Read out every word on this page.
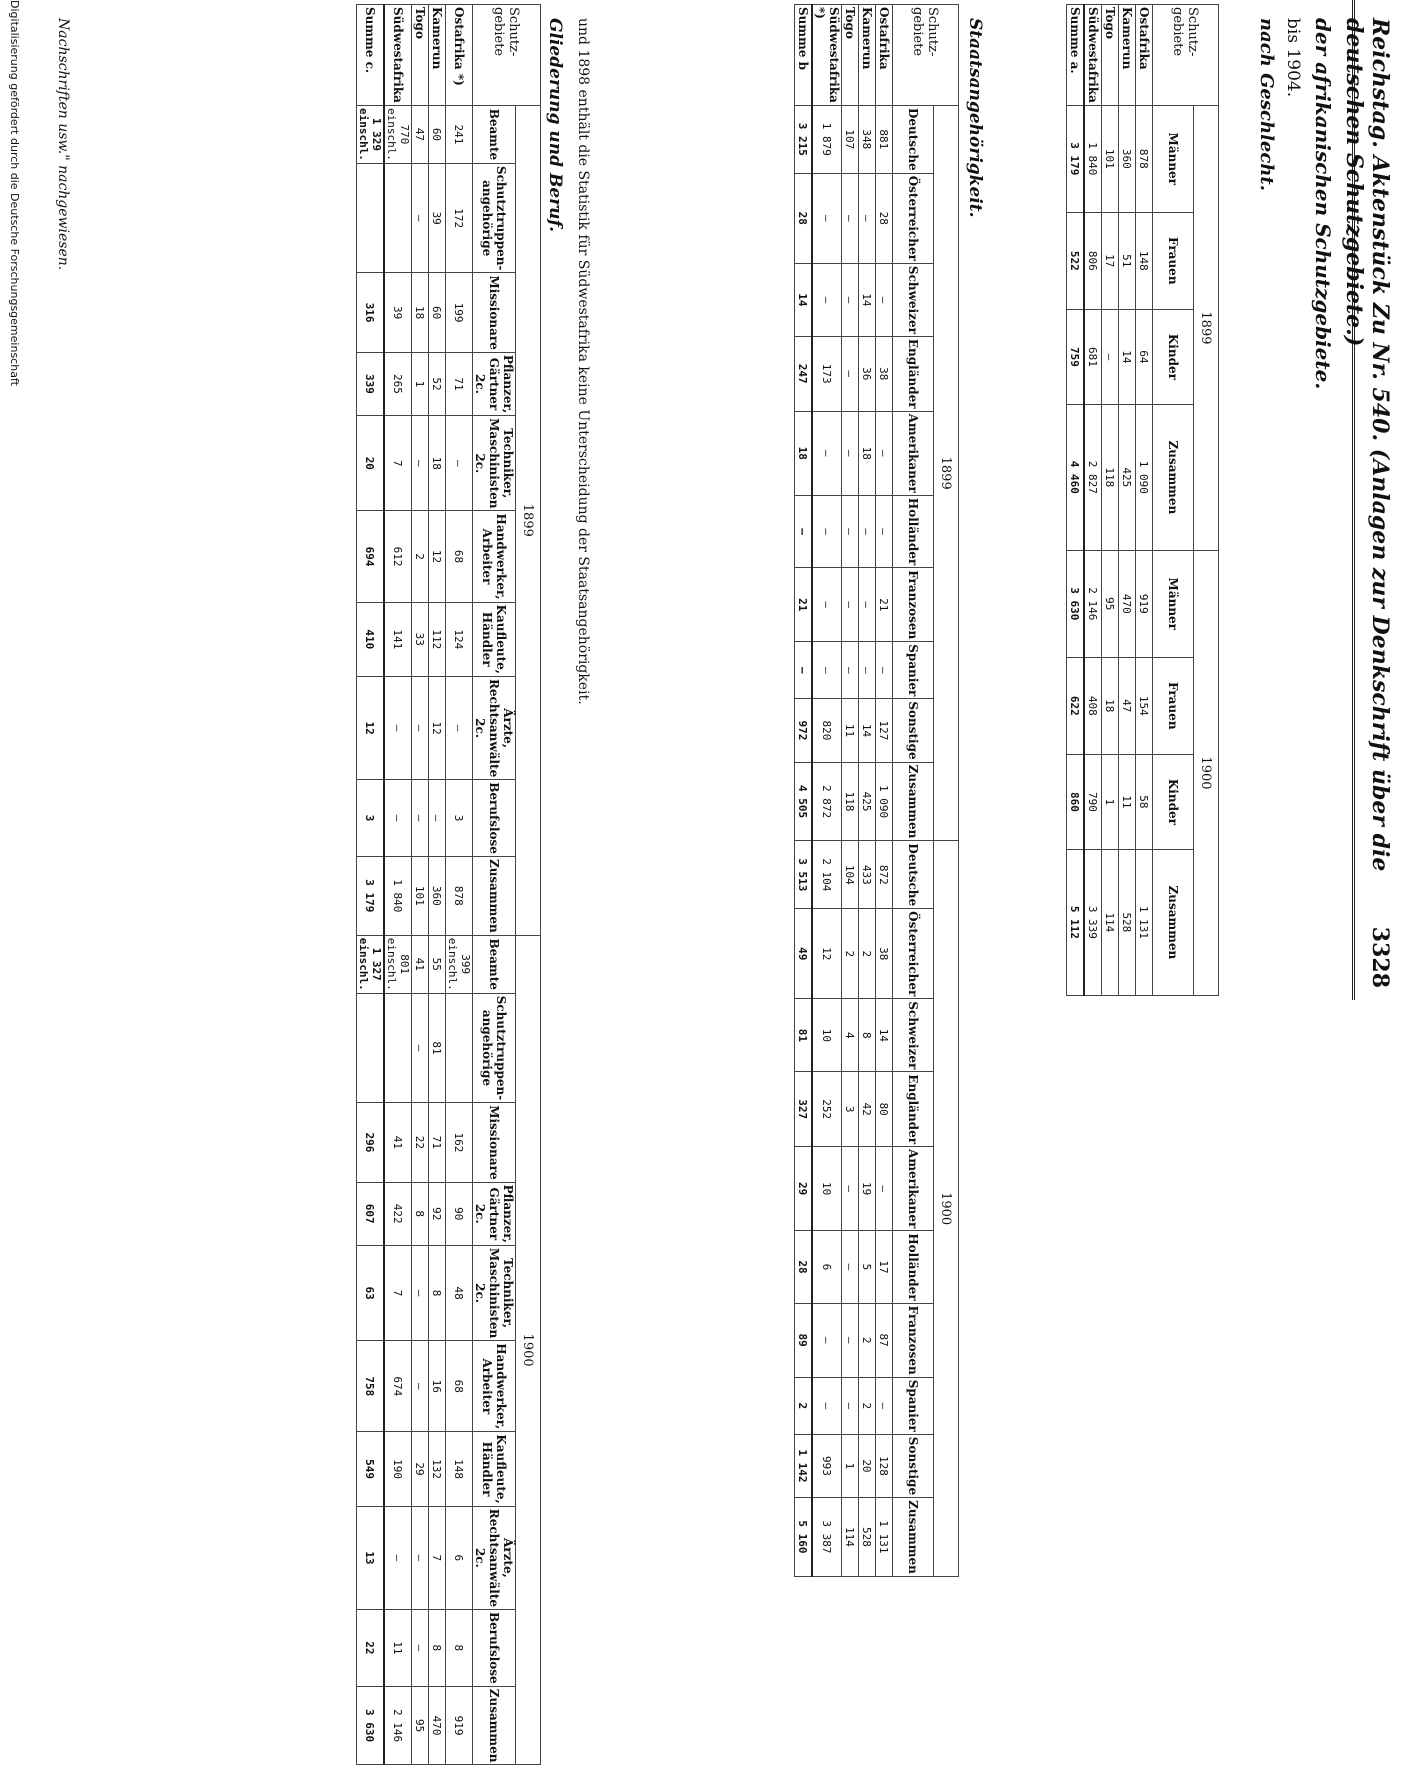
Reichstag. Aktenstück Zu Nr. 540. (Anlagen zur Denkschrift über die deutschen Schutzgebiete.)
3328
der afrikanischen Schutzgebiete.
bis 1904.
nach Geschlecht.
Schutz- gebiete	1899				1900			
	Männer	Frauen	Kinder	Zusammen	Männer	Frauen	Kinder	Zusammen
Ostafrika	878	148	64	1 090	919	154	58	1 131
Kamerun	360	51	14	425	470	47	11	528
Togo	101	17	—	118	95	18	1	114
Südwestafrika	1 840	806	681	2 827	2 146	408	790	3 339
Summe a.	3 179	522	759	4 460	3 630	622	860	5 112
Staatsangehörigkeit.
Schutz- gebiete	1899										1900									
	Deutsche	Österreicher	Schweizer	Engländer	Amerikaner	Holländer	Franzosen	Spanier	Sonstige	Zusammen	Deutsche	Österreicher	Schweizer	Engländer	Amerikaner	Holländer	Franzosen	Spanier	Sonstige	Zusammen
Ostafrika	881	28	—	38	—	—	21	—	127	1 090	872	38	14	80	—	17	87	—	128	1 131
Kamerun	348	—	14	36	18	—	—	—	14	425	433	2	8	42	19	5	2	2	20	528
Togo	107	—	—	—	—	—	—	—	11	118	104	2	4	3	—	—	—	—	1	114
Südwestafrika *)	1 879	—	—	173	—	—	—	—	820	2 872	2 104	12	10	252	10	6	—	—	993	3 387
Summe b	3 215	28	14	247	18	—	21	—	972	4 505	3 513	49	81	327	29	28	89	2	1 142	5 160
und 1898 enthält die Statistik für Südwestafrika keine Unterscheidung der Staatsangehörigkeit.
Gliederung und Beruf.
Schutz- gebiete	1899										1900									
	Beamte	Schutztruppen-angehörige	Missionare	Pflanzer, Gärtner 2c.	Techniker, Maschinisten 2c.	Handwerker, Arbeiter	Kaufleute, Händler	Ärzte, Rechtsanwälte 2c.	Berufslose	Zusammen	Beamte	Schutztruppen-angehörige	Missionare	Pflanzer, Gärtner 2c.	Techniker, Maschinisten 2c.	Handwerker, Arbeiter	Kaufleute, Händler	Ärzte, Rechtsanwälte 2c.	Berufslose	Zusammen
Ostafrika *)	241	172	199	71	—	68	124	—	3	878	399 einschl.		162	90	48	68	148	6	8	919
Kamerun	60	39	60	52	18	12	112	12	—	360	55	81	71	92	8	16	132	7	8	470
Togo	47	—	18	1	—	2	33	—	—	101	41	—	22	8	—	—	29	—	—	95
Südwestafrika	770 einschl.		39	265	7	612	141	—	—	1 840	801 einschl.		41	422	7	674	190	—	11	2 146
Summe c.	1 329 einschl.		316	339	20	694	410	12	3	3 179	1 327 einschl.		296	607	63	758	549	13	22	3 630
Nachschriften usw." nachgewiesen.
Digitalisierung gefördert durch die Deutsche Forschungsgemeinschaft
